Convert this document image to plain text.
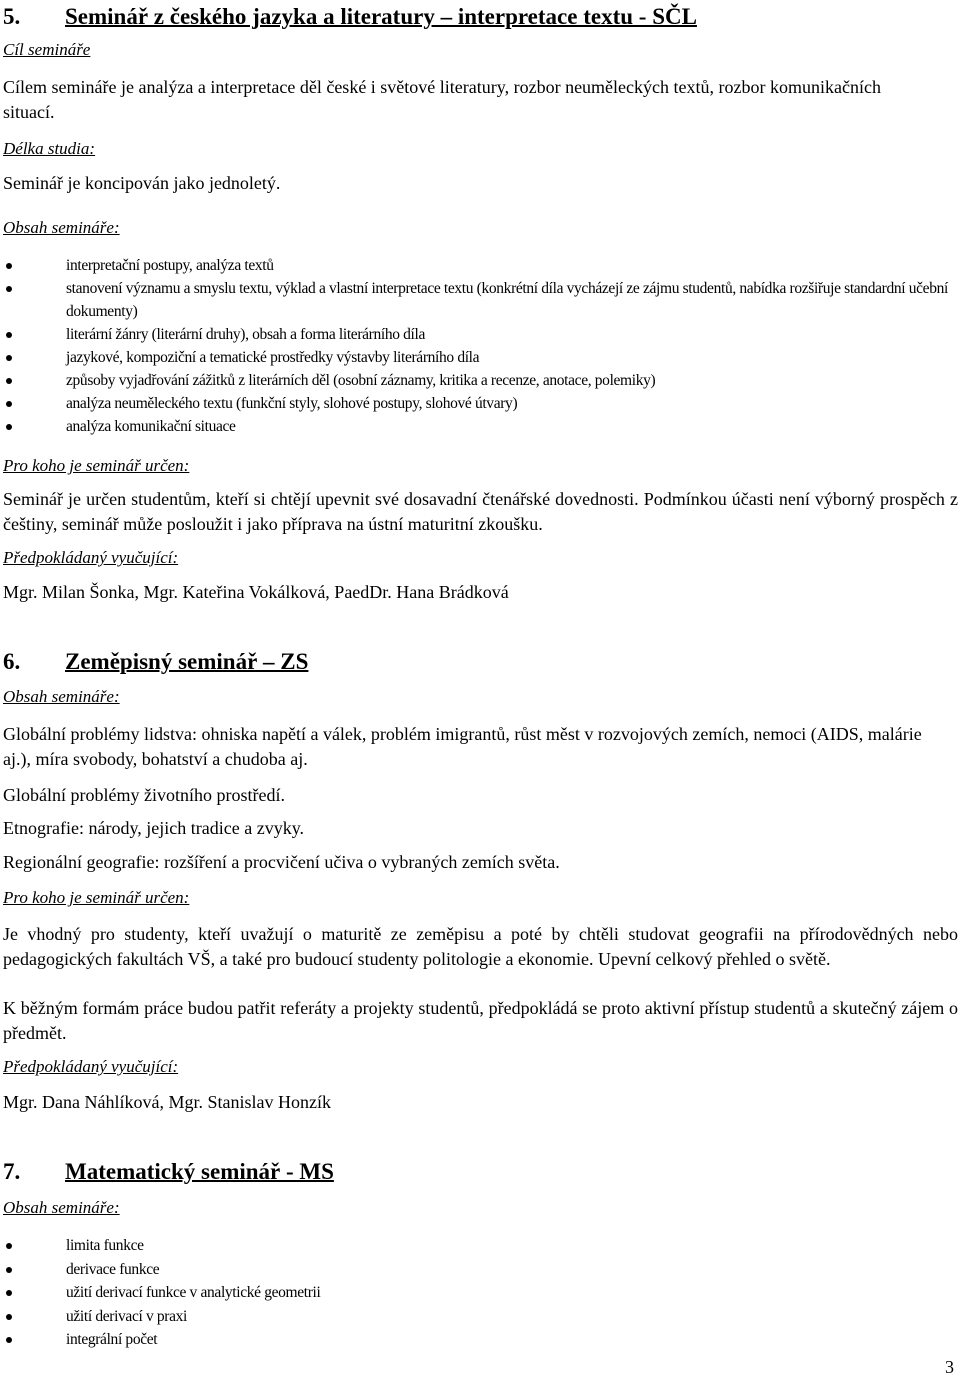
5. Seminář z českého jazyka a literatury – interpretace textu - SČL
Cíl semináře
Cílem semináře je analýza a interpretace děl české i světové literatury, rozbor neuměleckých textů, rozbor komunikačních situací.
Délka studia:
Seminář je koncipován jako jednoletý.
Obsah semináře:
interpretační postupy, analýza textů
stanovení významu a smyslu textu, výklad a vlastní interpretace textu (konkrétní díla vycházejí ze zájmu studentů, nabídka rozšiřuje standardní učební dokumenty)
literární žánry (literární druhy), obsah a forma literárního díla
jazykové, kompoziční a tematické prostředky výstavby literárního díla
způsoby vyjadřování zážitků z literárních děl (osobní záznamy, kritika a recenze, anotace, polemiky)
analýza neuměleckého textu (funkční styly, slohové postupy, slohové útvary)
analýza komunikační situace
Pro koho je seminář určen:
Seminář je určen studentům, kteří si chtějí upevnit své dosavadní čtenářské dovednosti. Podmínkou účasti není výborný prospěch z češtiny, seminář může posloužit i jako příprava na ústní maturitní zkoušku.
Předpokládaný vyučující:
Mgr. Milan Šonka, Mgr. Kateřina Vokálková, PaedDr. Hana Brádková
6. Zeměpisný seminář – ZS
Obsah semináře:
Globální problémy lidstva: ohniska napětí a válek, problém imigrantů, růst měst v rozvojových zemích, nemoci (AIDS, malárie aj.), míra svobody, bohatství a chudoba aj.
Globální problémy životního prostředí.
Etnografie: národy, jejich tradice a zvyky.
Regionální geografie: rozšíření a procvičení učiva o vybraných zemích světa.
Pro koho je seminář určen:
Je vhodný pro studenty, kteří uvažují o maturitě ze zeměpisu a poté by chtěli studovat geografii na přírodovědných nebo pedagogických fakultách VŠ, a také pro budoucí studenty politologie a ekonomie. Upevní celkový přehled o světě.
K běžným formám práce budou patřit referáty a projekty studentů, předpokládá se proto aktivní přístup studentů a skutečný zájem o předmět.
Předpokládaný vyučující:
Mgr. Dana Náhlíková, Mgr. Stanislav Honzík
7. Matematický seminář - MS
Obsah semináře:
limita funkce
derivace funkce
užití derivací funkce v analytické geometrii
užití derivací v praxi
integrální počet
3
